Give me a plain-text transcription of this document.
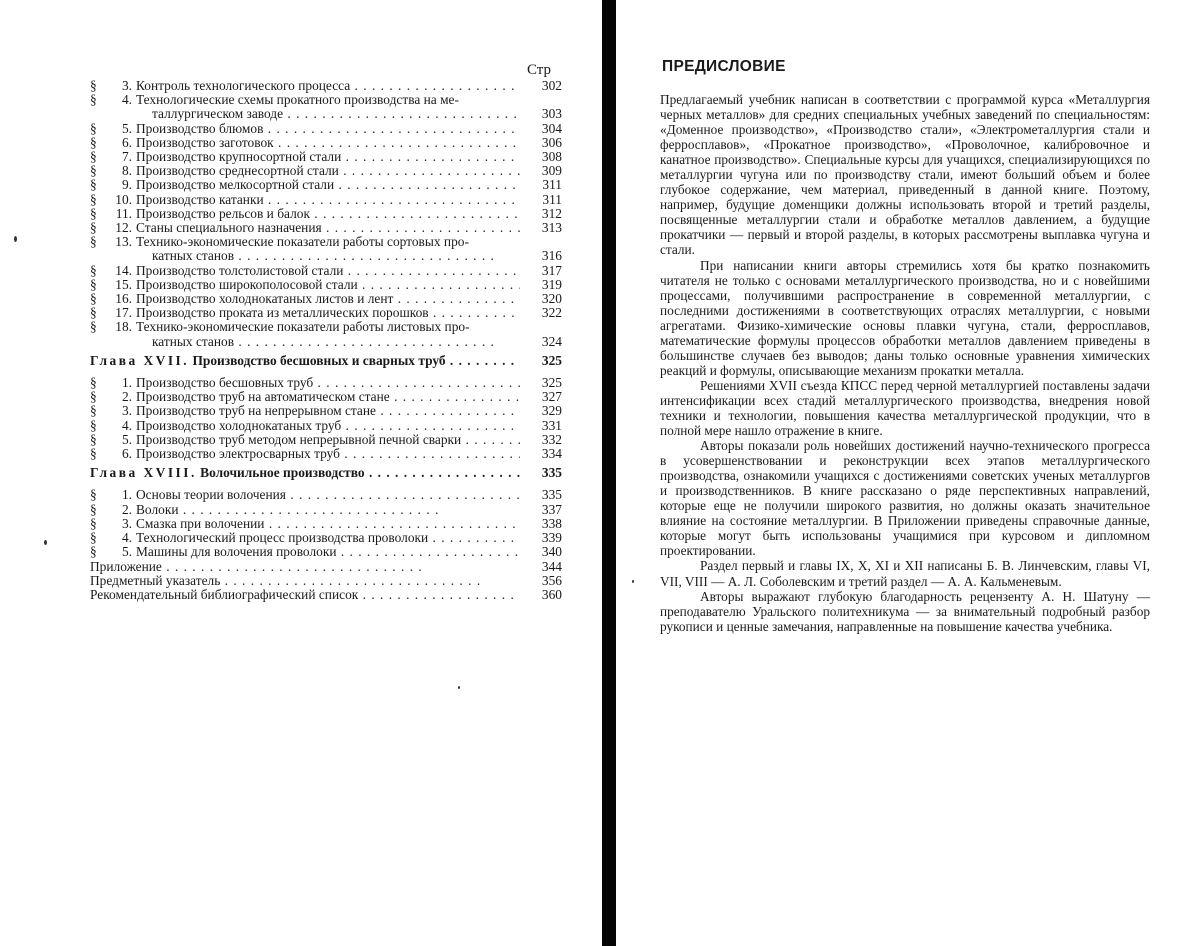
Стр
§	3. Контроль технологического процесса . .	302
§	4. Технологические схемы прокатного производства на ме-
таллургическом заводе . .	303
§	5. Производство блюмов . .	304
§	6. Производство заготовок . .	306
§	7. Производство крупносортной стали . .	308
§	8. Производство среднесортной стали . .	309
§	9. Производство мелкосортной стали . .	311
§	10. Производство катанки . .	311
§	11. Производство рельсов и балок . .	312
§	12. Станы специального назначения . .	313
§	13. Технико-экономические показатели работы сортовых про-
катных станов . .	316
§	14. Производство толстолистовой стали . .	317
§	15. Производство широкополосовой стали . .	319
§	16. Производство холоднокатаных листов и лент . .	320
§	17. Производство проката из металлических порошков . .	322
§	18. Технико-экономические показатели работы листовых про-
катных станов . .	324
Глава XVII. Производство бесшовных и сварных труб . .	325
§	1. Производство бесшовных труб . .	325
§	2. Производство труб на автоматическом стане . .	327
§	3. Производство труб на непрерывном стане . .	329
§	4. Производство холоднокатаных труб . .	331
§	5. Производство труб методом непрерывной печной сварки . .	332
§	6. Производство электросварных труб . .	334
Глава XVIII. Волочильное производство . .	335
§	1. Основы теории волочения . .	335
§	2. Волоки . .	337
§	3. Смазка при волочении . .	338
§	4. Технологический процесс производства проволоки . .	339
§	5. Машины для волочения проволоки . .	340
Приложение . .	344
Предметный указатель . .	356
Рекомендательный библиографический список . .	360
ПРЕДИСЛОВИЕ

Предлагаемый учебник написан в соответствии с программой курса «Металлургия черных металлов» для средних специальных учебных заведений по специальностям: «Доменное производство», «Производство стали», «Электрометаллургия стали и ферросплавов», «Прокатное производство», «Проволочное, калибровочное и канатное производство». Специальные курсы для учащихся, специализирующихся по металлургии чугуна или по производству стали, имеют больший объем и более глубокое содержание, чем материал, приведенный в данной книге. Поэтому, например, будущие доменщики должны использовать второй и третий разделы, посвященные металлургии стали и обработке металлов давлением, а будущие прокатчики — первый и второй разделы, в которых рассмотрены выплавка чугуна и стали.

При написании книги авторы стремились хотя бы кратко познакомить читателя не только с основами металлургического производства, но и с новейшими процессами, получившими распространение в современной металлургии, с последними достижениями в соответствующих отраслях металлургии, с новыми агрегатами. Физико-химические основы плавки чугуна, стали, ферросплавов, математические формулы процессов обработки металлов давлением приведены в большинстве случаев без выводов; даны только основные уравнения химических реакций и формулы, описывающие механизм прокатки металла.

Решениями XVII съезда КПСС перед черной металлургией поставлены задачи интенсификации всех стадий металлургического производства, внедрения новой техники и технологии, повышения качества металлургической продукции, что в полной мере нашло отражение в книге.

Авторы показали роль новейших достижений научно-технического прогресса в усовершенствовании и реконструкции всех этапов металлургического производства, ознакомили учащихся с достижениями советских ученых металлургов и производственников. В книге рассказано о ряде перспективных направлений, которые еще не получили широкого развития, но должны оказать значительное влияние на состояние металлургии. В Приложении приведены справочные данные, которые могут быть использованы учащимися при курсовом и дипломном проектировании.

Раздел первый и главы IX, X, XI и XII написаны Б. В. Линчевским, главы VI, VII, VIII — А. Л. Соболевским и третий раздел — А. А. Кальменевым.

Авторы выражают глубокую благодарность рецензенту А. Н. Шатуну — преподавателю Уральского политехникума — за внимательный подробный разбор рукописи и ценные замечания, направленные на повышение качества учебника.
